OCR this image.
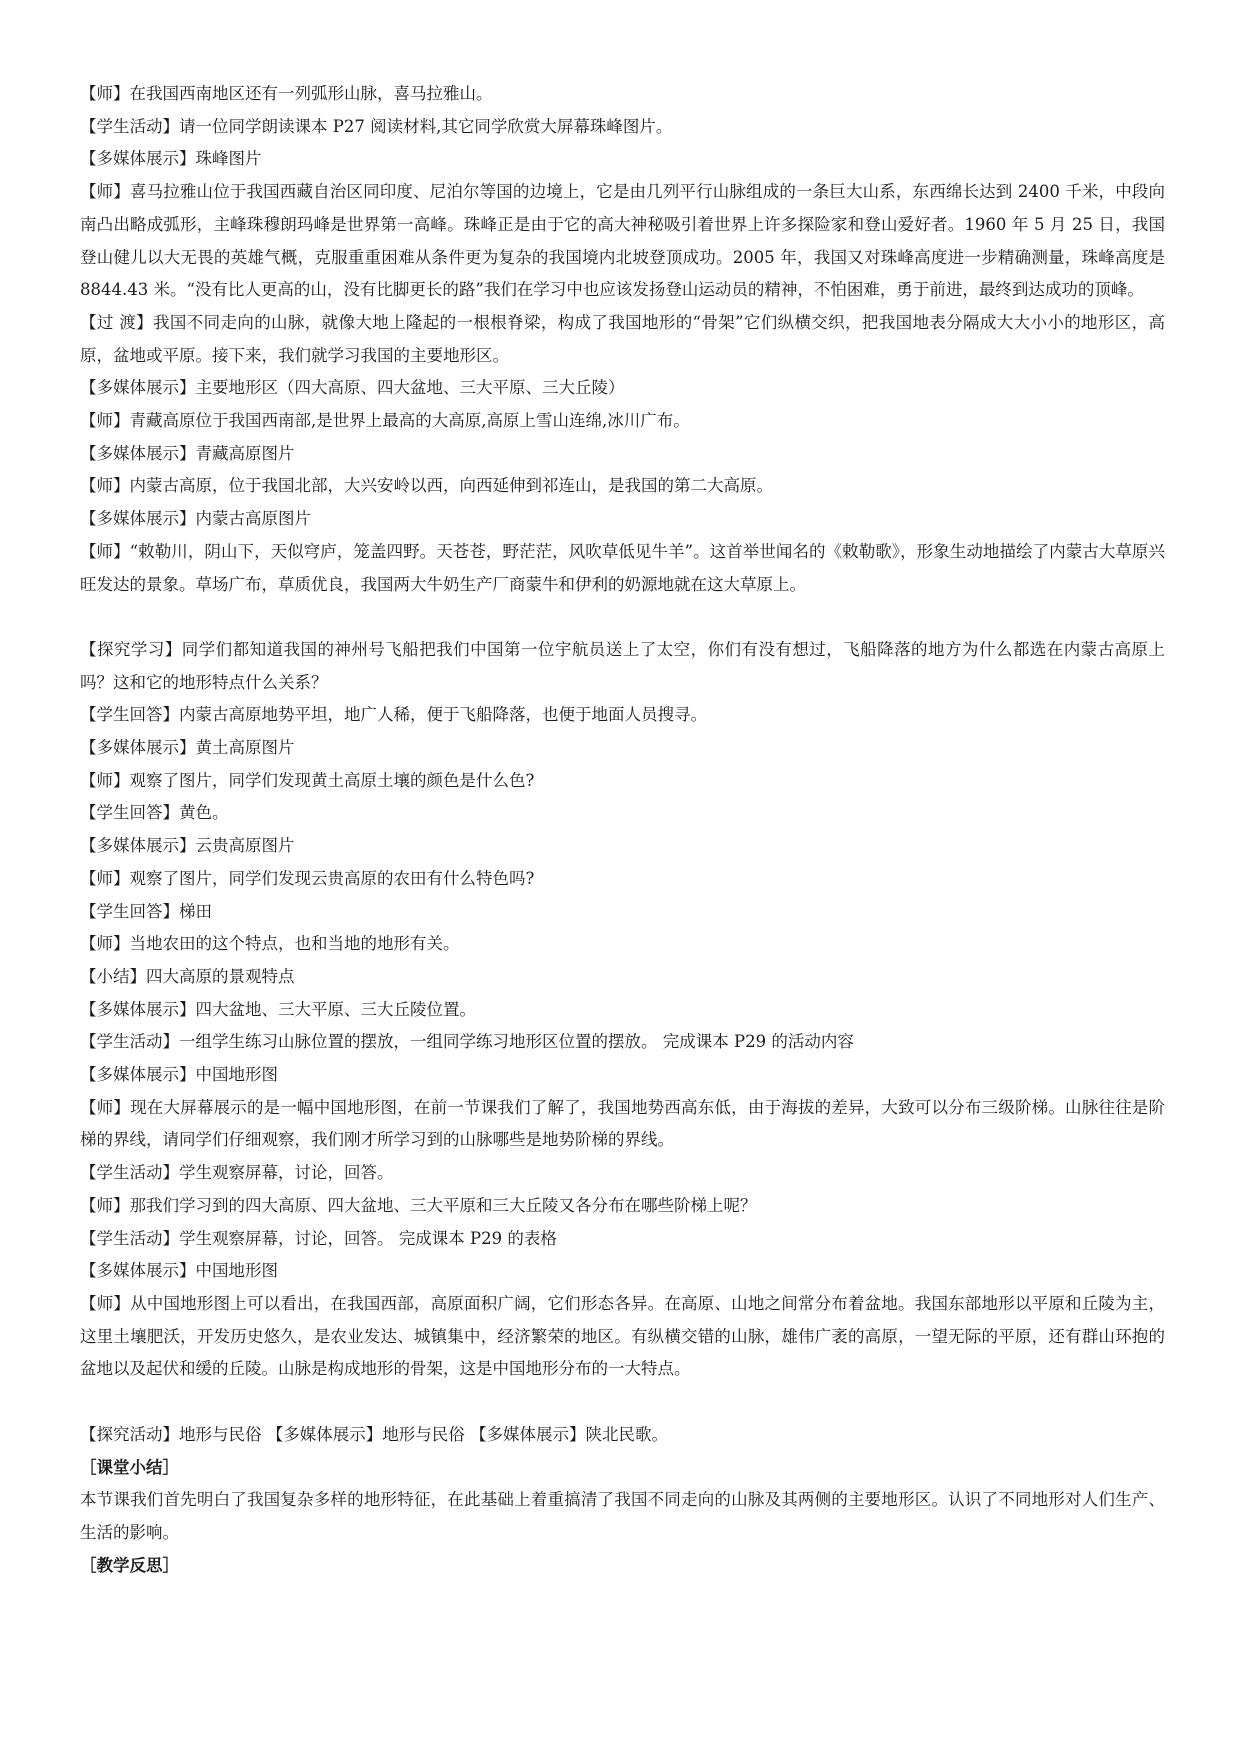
【师】在我国西南地区还有一列弧形山脉，喜马拉雅山。

【学生活动】请一位同学朗读课本 P27 阅读材料,其它同学欣赏大屏幕珠峰图片。

【多媒体展示】珠峰图片

【师】喜马拉雅山位于我国西藏自治区同印度、尼泊尔等国的边境上，它是由几列平行山脉组成的一条巨大山系，东西绵长达到 2400 千米，中段向南凸出略成弧形，主峰珠穆朗玛峰是世界第一高峰。珠峰正是由于它的高大神秘吸引着世界上许多探险家和登山爱好者。1960 年 5 月 25 日，我国登山健儿以大无畏的英雄气概，克服重重困难从条件更为复杂的我国境内北坡登顶成功。2005 年，我国又对珠峰高度进一步精确测量，珠峰高度是 8844.43 米。“没有比人更高的山，没有比脚更长的路”我们在学习中也应该发扬登山运动员的精神，不怕困难，勇于前进，最终到达成功的顶峰。

【过 渡】我国不同走向的山脉，就像大地上隆起的一根根脊梁，构成了我国地形的“骨架”它们纵横交织，把我国地表分隔成大大小小的地形区，高原，盆地或平原。接下来，我们就学习我国的主要地形区。

【多媒体展示】主要地形区（四大高原、四大盆地、三大平原、三大丘陵）

【师】青藏高原位于我国西南部,是世界上最高的大高原,高原上雪山连绵,冰川广布。

【多媒体展示】青藏高原图片

【师】内蒙古高原，位于我国北部，大兴安岭以西，向西延伸到祁连山，是我国的第二大高原。

【多媒体展示】内蒙古高原图片

【师】“敕勒川，阴山下，天似穹庐，笼盖四野。天苍苍，野茫茫，风吹草低见牛羊”。这首举世闻名的《敕勒歌》，形象生动地描绘了内蒙古大草原兴旺发达的景象。草场广布，草质优良，我国两大牛奶生产厂商蒙牛和伊利的奶源地就在这大草原上。

【探究学习】同学们都知道我国的神州号飞船把我们中国第一位宇航员送上了太空，你们有没有想过，飞船降落的地方为什么都选在内蒙古高原上吗？这和它的地形特点什么关系？

【学生回答】内蒙古高原地势平坦，地广人稀，便于飞船降落，也便于地面人员搜寻。

【多媒体展示】黄土高原图片

【师】观察了图片，同学们发现黄土高原土壤的颜色是什么色?

【学生回答】黄色。

【多媒体展示】云贵高原图片

【师】观察了图片，同学们发现云贵高原的农田有什么特色吗?

【学生回答】梯田

【师】当地农田的这个特点，也和当地的地形有关。

【小结】四大高原的景观特点

【多媒体展示】四大盆地、三大平原、三大丘陵位置。

【学生活动】一组学生练习山脉位置的摆放，一组同学练习地形区位置的摆放。 完成课本 P29 的活动内容

【多媒体展示】中国地形图

【师】现在大屏幕展示的是一幅中国地形图，在前一节课我们了解了，我国地势西高东低，由于海拔的差异，大致可以分布三级阶梯。山脉往往是阶梯的界线，请同学们仔细观察，我们刚才所学习到的山脉哪些是地势阶梯的界线。

【学生活动】学生观察屏幕，讨论，回答。

【师】那我们学习到的四大高原、四大盆地、三大平原和三大丘陵又各分布在哪些阶梯上呢？

【学生活动】学生观察屏幕，讨论，回答。 完成课本 P29 的表格

【多媒体展示】中国地形图

【师】从中国地形图上可以看出，在我国西部，高原面积广阔，它们形态各异。在高原、山地之间常分布着盆地。我国东部地形以平原和丘陵为主，这里土壤肥沃，开发历史悠久，是农业发达、城镇集中，经济繁荣的地区。有纵横交错的山脉，雄伟广袤的高原，一望无际的平原，还有群山环抱的盆地以及起伏和缓的丘陵。山脉是构成地形的骨架，这是中国地形分布的一大特点。

【探究活动】地形与民俗 【多媒体展示】地形与民俗 【多媒体展示】陕北民歌。

［课堂小结］

本节课我们首先明白了我国复杂多样的地形特征，在此基础上着重搞清了我国不同走向的山脉及其两侧的主要地形区。认识了不同地形对人们生产、生活的影响。

［教学反思］
